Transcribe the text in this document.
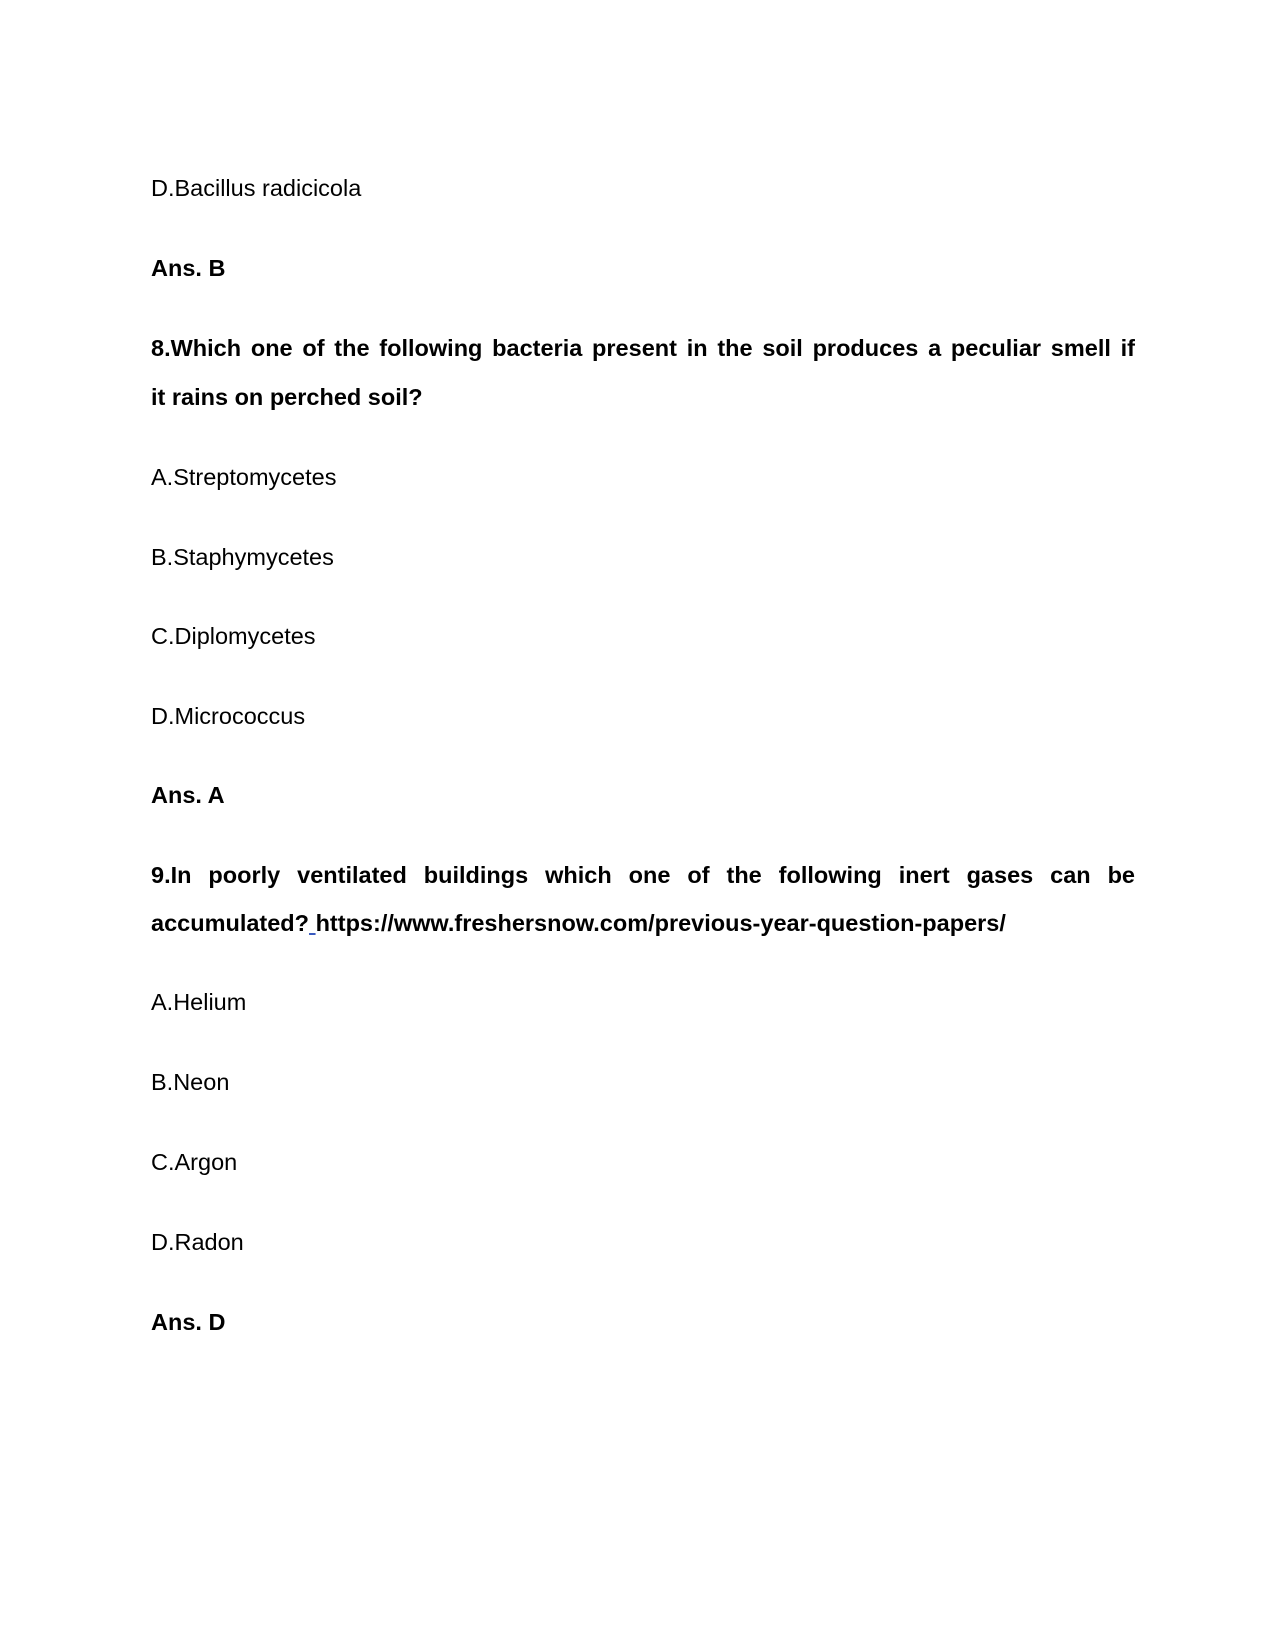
D.Bacillus radicicola
Ans. B
8.Which one of the following bacteria present in the soil produces a peculiar smell if
it rains on perched soil?
A.Streptomycetes
B.Staphymycetes
C.Diplomycetes
D.Micrococcus
Ans. A
9.In poorly ventilated buildings which one of the following inert gases can be
accumulated? https://www.freshersnow.com/previous-year-question-papers/
A.Helium
B.Neon
C.Argon
D.Radon
Ans. D
